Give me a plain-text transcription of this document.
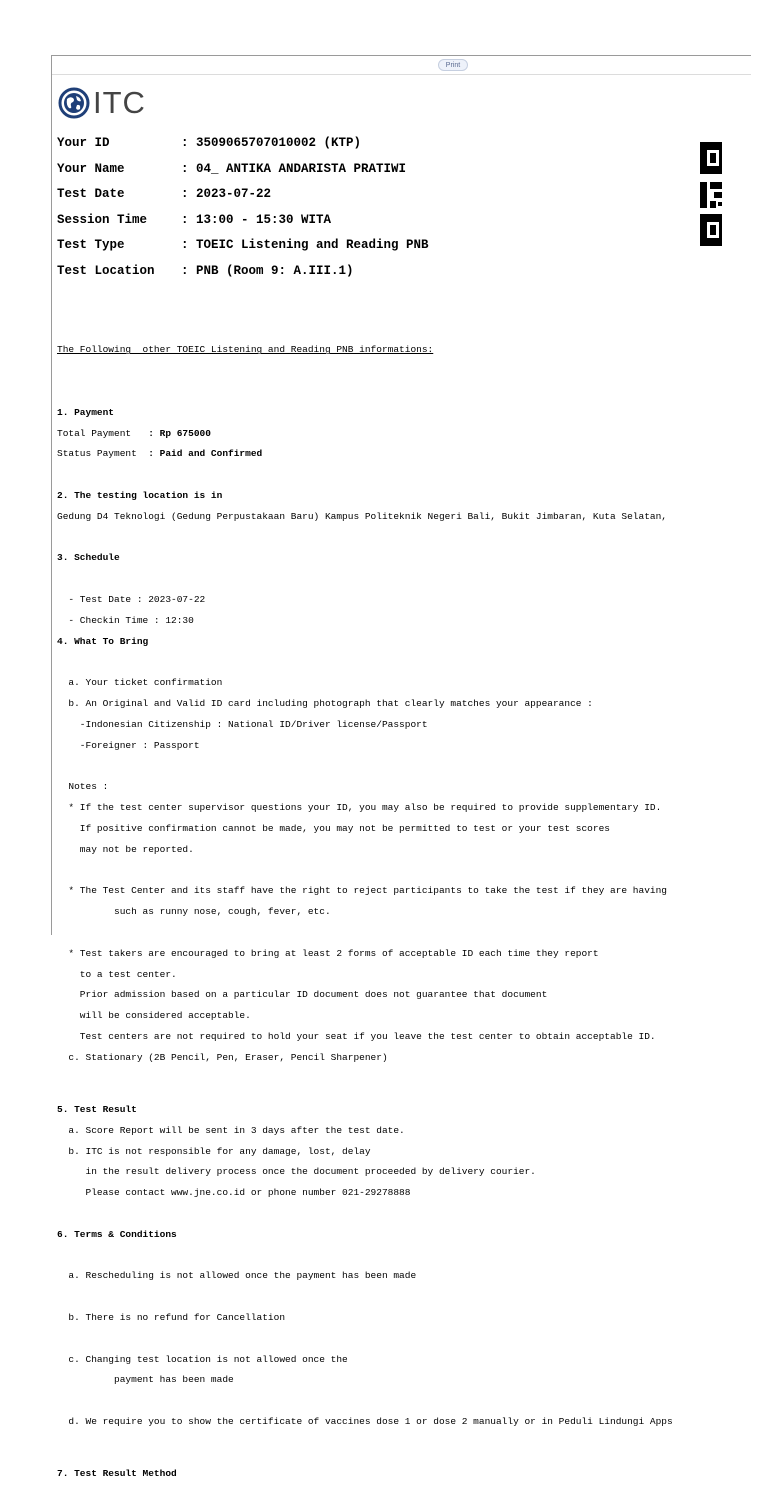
Print
ITC
Your ID	: 3509065707010002 (KTP)
Your Name	: 04_ ANTIKA ANDARISTA PRATIWI
Test Date	: 2023-07-22
Session Time	: 13:00 - 15:30 WITA
Test Type	: TOEIC Listening and Reading PNB
Test Location	: PNB (Room 9: A.III.1)

The Following  other TOEIC Listening and Reading PNB informations:

1. Payment

Total Payment   : Rp 675000

Status Payment  : Paid and Confirmed

2. The testing location is in

Gedung D4 Teknologi (Gedung Perpustakaan Baru) Kampus Politeknik Negeri Bali, Bukit Jimbaran, Kuta Selatan,

3. Schedule

- Test Date : 2023-07-22

- Checkin Time : 12:30

4. What To Bring

a. Your ticket confirmation

b. An Original and Valid ID card including photograph that clearly matches your appearance :

-Indonesian Citizenship : National ID/Driver license/Passport

-Foreigner : Passport

Notes :

* If the test center supervisor questions your ID, you may also be required to provide supplementary ID.

If positive confirmation cannot be made, you may not be permitted to test or your test scores

may not be reported.

* The Test Center and its staff have the right to reject participants to take the test if they are having

such as runny nose, cough, fever, etc.

* Test takers are encouraged to bring at least 2 forms of acceptable ID each time they report

to a test center.

Prior admission based on a particular ID document does not guarantee that document

will be considered acceptable.

Test centers are not required to hold your seat if you leave the test center to obtain acceptable ID.

c. Stationary (2B Pencil, Pen, Eraser, Pencil Sharpener)

5. Test Result

a. Score Report will be sent in 3 days after the test date.

b. ITC is not responsible for any damage, lost, delay

in the result delivery process once the document proceeded by delivery courier.

Please contact www.jne.co.id or phone number 021-29278888

6. Terms & Conditions

a. Rescheduling is not allowed once the payment has been made

b. There is no refund for Cancellation

c. Changing test location is not allowed once the

payment has been made

d. We require you to show the certificate of vaccines dose 1 or dose 2 manually or in Peduli Lindungi Apps

7. Test Result Method
